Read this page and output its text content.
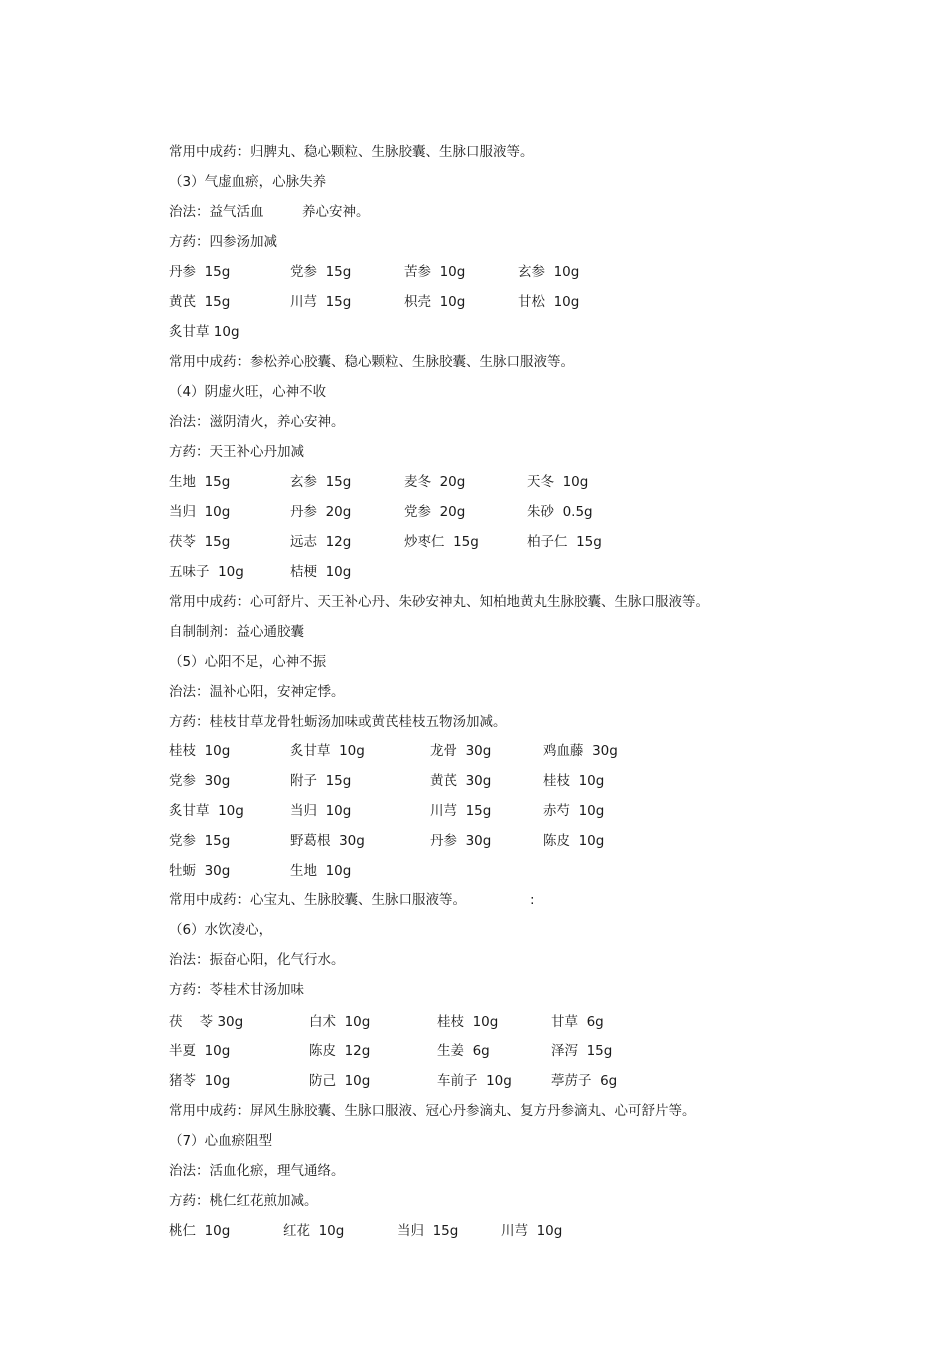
常用中成药：归脾丸、稳心颗粒、生脉胶囊、生脉口服液等。
（3）气虚血瘀，心脉失养
治法：益气活血	养心安神。
方药：四参汤加减
丹参  15g	党参  15g	苦参  10g	玄参  10g
黄芪  15g	川芎  15g	枳壳  10g	甘松  10g
炙甘草 10g
常用中成药：参松养心胶囊、稳心颗粒、生脉胶囊、生脉口服液等。
（4）阴虚火旺，心神不收
治法：滋阴清火，养心安神。
方药：天王补心丹加减
生地  15g	玄参  15g	麦冬  20g	天冬  10g
当归  10g	丹参  20g	党参  20g	朱砂  0.5g
茯苓  15g	远志  12g	炒枣仁  15g	柏子仁  15g
五味子  10g	桔梗  10g
常用中成药：心可舒片、天王补心丹、朱砂安神丸、知柏地黄丸生脉胶囊、生脉口服液等。
自制制剂：益心通胶囊
（5）心阳不足，心神不振
治法：温补心阳，安神定悸。
方药：桂枝甘草龙骨牡蛎汤加味或黄芪桂枝五物汤加减。
桂枝  10g	炙甘草  10g	龙骨  30g	鸡血藤  30g
党参  30g	附子  15g	黄芪  30g	桂枝  10g
炙甘草  10g	当归  10g	川芎  15g	赤芍  10g
党参  15g	野葛根  30g	丹参  30g	陈皮  10g
牡蛎  30g	生地  10g
常用中成药：心宝丸、生脉胶囊、生脉口服液等。	:
（6）水饮凌心，
治法：振奋心阳，化气行水。
方药：苓桂术甘汤加味
茯    苓 30g	白术  10g	桂枝  10g	甘草  6g
半夏  10g	陈皮  12g	生姜  6g	泽泻  15g
猪苓  10g	防己  10g	车前子  10g	葶苈子  6g
常用中成药：屏风生脉胶囊、生脉口服液、冠心丹参滴丸、复方丹参滴丸、心可舒片等。
（7）心血瘀阻型
治法：活血化瘀，理气通络。
方药：桃仁红花煎加减。
桃仁  10g	红花  10g	当归  15g	川芎  10g
